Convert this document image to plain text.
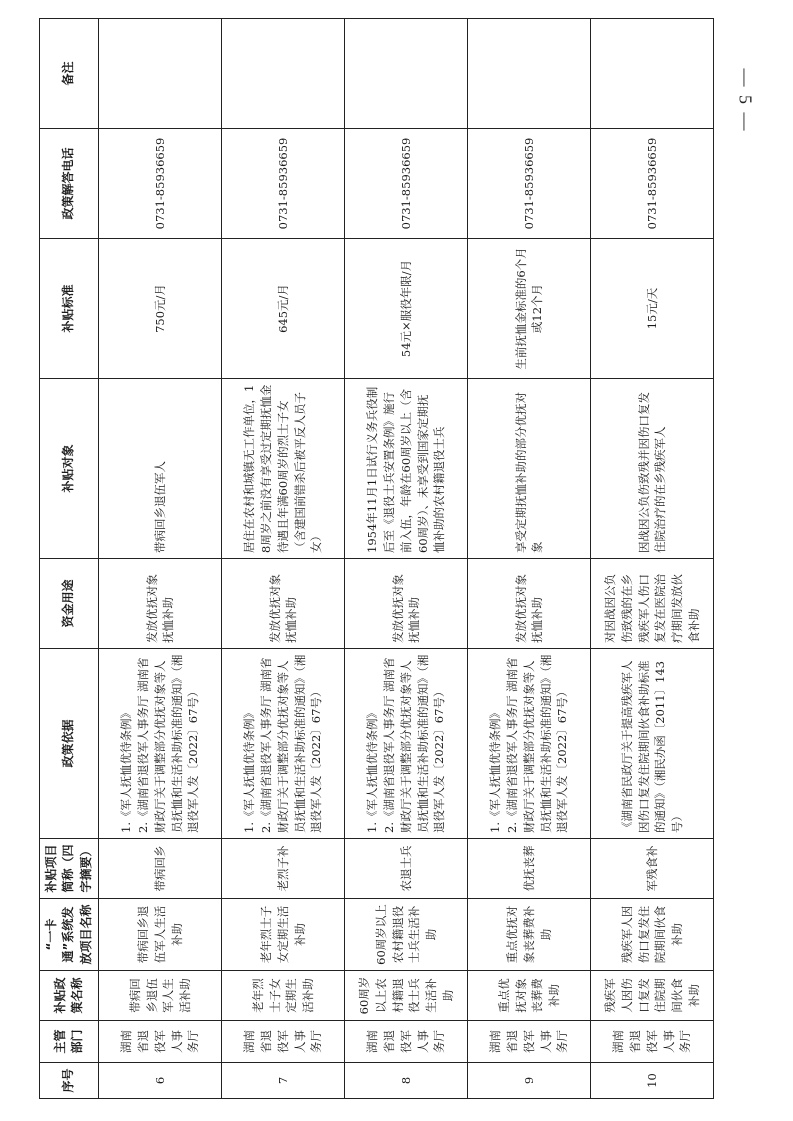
序号	主管部门	补贴政策名称	“一卡通”系统发放项目名称	补贴项目简称（四字摘要）	政策依据	资金用途	补贴对象	补贴标准	政策解答电话	备注
6	湖南省退役军人事务厅	带病回乡退伍军人生活补助	带病回乡退伍军人生活补助	带病回乡	1.《军人抚恤优待条例》 2.《湖南省退役军人事务厅 湖南省财政厅关于调整部分优抚对象等人员抚恤和生活补助标准的通知》（湘退役军人发〔2022〕67号）	发放优抚对象抚恤补助	带病回乡退伍军人	750元/月	0731-85936659	
7	湖南省退役军人事务厅	老年烈士子女定期生活补助	老年烈士子女定期生活补助	老烈子补	1.《军人抚恤优待条例》 2.《湖南省退役军人事务厅 湖南省财政厅关于调整部分优抚对象等人员抚恤和生活补助标准的通知》（湘退役军人发〔2022〕67号）	发放优抚对象抚恤补助	居住在农村和城镇无工作单位，18周岁之前没有享受过定期抚恤金待遇且年满60周岁的烈士子女（含建国前错杀后被平反人员子女）	645元/月	0731-85936659	
8	湖南省退役军人事务厅	60周岁以上农村籍退役士兵生活补助	60周岁以上农村籍退役士兵生活补助	农退士兵	1.《军人抚恤优待条例》 2.《湖南省退役军人事务厅 湖南省财政厅关于调整部分优抚对象等人员抚恤和生活补助标准的通知》（湘退役军人发〔2022〕67号）	发放优抚对象抚恤补助	1954年11月1日试行义务兵役制后至《退役士兵安置条例》施行前入伍，年龄在60周岁以上（含60周岁）、未享受到国家定期抚恤补助的农村籍退役士兵	54元×服役年限/月	0731-85936659	
9	湖南省退役军人事务厅	重点优抚对象丧葬费补助	重点优抚对象丧葬费补助	优抚丧葬	1.《军人抚恤优待条例》 2.《湖南省退役军人事务厅 湖南省财政厅关于调整部分优抚对象等人员抚恤和生活补助标准的通知》（湘退役军人发〔2022〕67号）	发放优抚对象抚恤补助	享受定期抚恤补助的部分优抚对象	生前抚恤金标准的6个月或12个月	0731-85936659	
10	湖南省退役军人事务厅	残疾军人因伤口复发住院期间伙食补助	残疾军人因伤口复发住院期间伙食补助	军残食补	《湖南省民政厅关于提高残疾军人因伤口复发住院期间伙食补助标准的通知》（湘民办函〔2011〕143号）	对因战因公负伤致残的在乡残疾军人伤口复发在医院治疗期间发放伙食补助	因战因公负伤致残并因伤口复发住院治疗的在乡残疾军人	15元/天	0731-85936659	
— 5 —
